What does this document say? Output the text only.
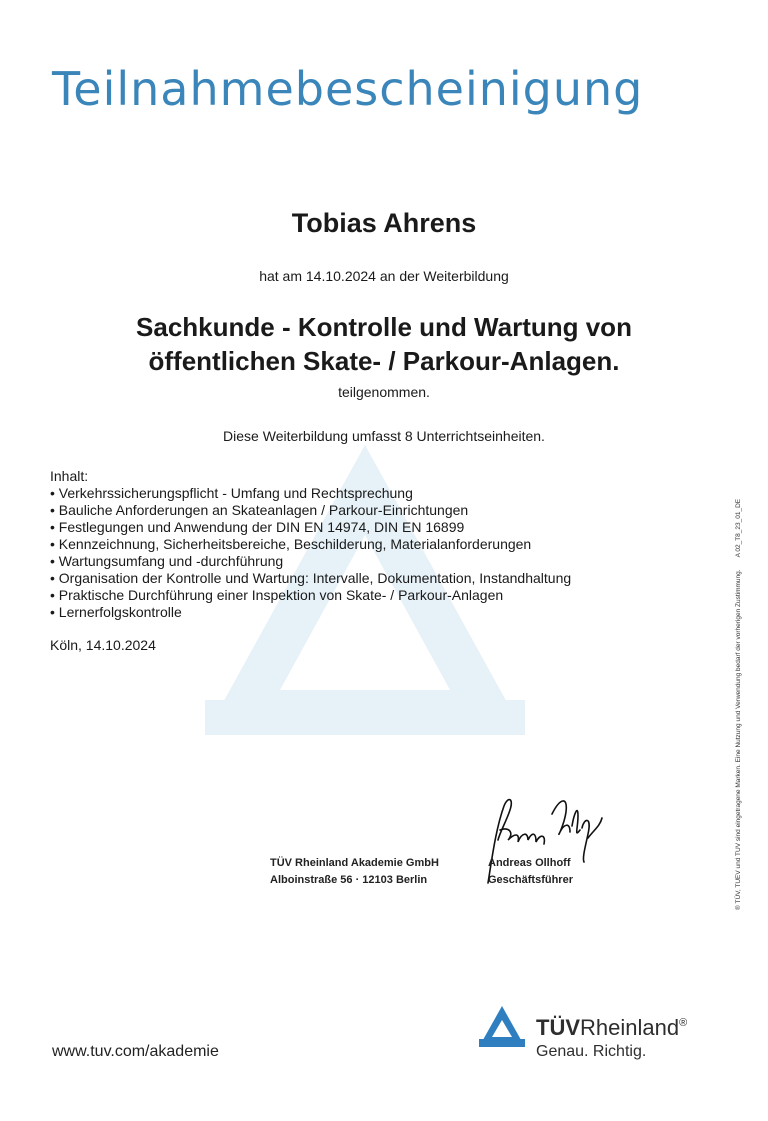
Teilnahmebescheinigung
Tobias Ahrens
hat am 14.10.2024 an der Weiterbildung
Sachkunde - Kontrolle und Wartung von
öffentlichen Skate- / Parkour-Anlagen.
teilgenommen.
Diese Weiterbildung umfasst 8 Unterrichtseinheiten.
Inhalt:
• Verkehrssicherungspflicht - Umfang und Rechtsprechung
• Bauliche Anforderungen an Skateanlagen / Parkour-Einrichtungen
• Festlegungen und Anwendung der DIN EN 14974, DIN EN 16899
• Kennzeichnung, Sicherheitsbereiche, Beschilderung, Materialanforderungen
• Wartungsumfang und -durchführung
• Organisation der Kontrolle und Wartung: Intervalle, Dokumentation, Instandhaltung
• Praktische Durchführung einer Inspektion von Skate- / Parkour-Anlagen
• Lernerfolgskontrolle
Köln, 14.10.2024
TÜV Rheinland Akademie GmbH
Alboinstraße 56 · 12103 Berlin
Andreas Ollhoff
Geschäftsführer	® TÜV, TUEV und TUV sind eingetragene Marken. Eine Nutzung und Verwendung bedarf der vorherigen Zustimmung.A 02_T8_23_01_DE
www.tuv.com/akademie
TÜVRheinland®
Genau. Richtig.
